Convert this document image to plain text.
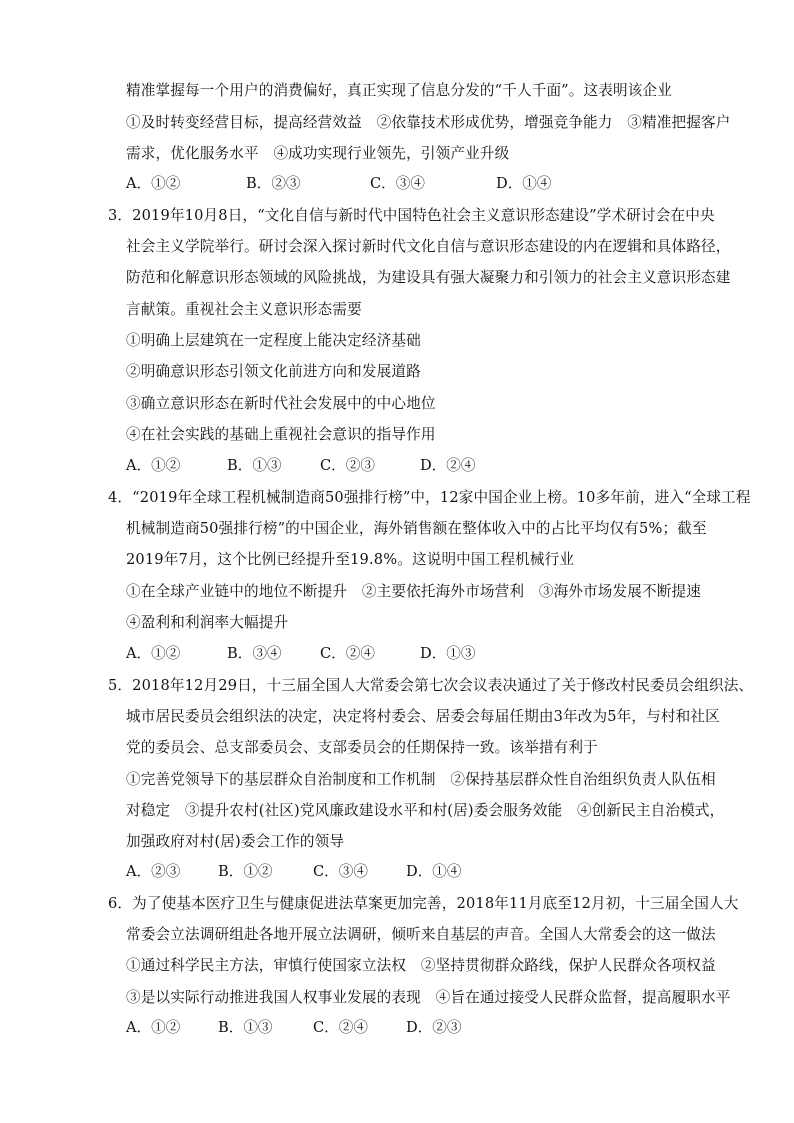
精准掌握每一个用户的消费偏好，真正实现了信息分发的“千人千面”。这表明该企业
①及时转变经营目标，提高经营效益　②依靠技术形成优势，增强竞争能力　③精准把握客户
需求，优化服务水平　④成功实现行业领先，引领产业升级
A．①②	B．②③	C．③④	D．①④
3．2019年10月8日，“文化自信与新时代中国特色社会主义意识形态建设”学术研讨会在中央
社会主义学院举行。研讨会深入探讨新时代文化自信与意识形态建设的内在逻辑和具体路径，
防范和化解意识形态领域的风险挑战，为建设具有强大凝聚力和引领力的社会主义意识形态建
言献策。重视社会主义意识形态需要
①明确上层建筑在一定程度上能决定经济基础
②明确意识形态引领文化前进方向和发展道路
③确立意识形态在新时代社会发展中的中心地位
④在社会实践的基础上重视社会意识的指导作用
A．①②	B．①③	C．②③	D．②④
4．“2019年全球工程机械制造商50强排行榜”中，12家中国企业上榜。10多年前，进入“全球工程
机械制造商50强排行榜”的中国企业，海外销售额在整体收入中的占比平均仅有5%；截至
2019年7月，这个比例已经提升至19.8%。这说明中国工程机械行业
①在全球产业链中的地位不断提升　②主要依托海外市场营利　③海外市场发展不断提速
④盈利和利润率大幅提升
A．①②	B．③④	C．②④	D．①③
5．2018年12月29日，十三届全国人大常委会第七次会议表决通过了关于修改村民委员会组织法、
城市居民委员会组织法的决定，决定将村委会、居委会每届任期由3年改为5年，与村和社区
党的委员会、总支部委员会、支部委员会的任期保持一致。该举措有利于
①完善党领导下的基层群众自治制度和工作机制　②保持基层群众性自治组织负责人队伍相
对稳定　③提升农村(社区)党风廉政建设水平和村(居)委会服务效能　④创新民主自治模式，
加强政府对村(居)委会工作的领导
A．②③	B．①②	C．③④	D．①④
6．为了使基本医疗卫生与健康促进法草案更加完善，2018年11月底至12月初，十三届全国人大
常委会立法调研组赴各地开展立法调研，倾听来自基层的声音。全国人大常委会的这一做法
①通过科学民主方法，审慎行使国家立法权　②坚持贯彻群众路线，保护人民群众各项权益
③是以实际行动推进我国人权事业发展的表现　④旨在通过接受人民群众监督，提高履职水平
A．①②	B．①③	C．②④	D．②③
